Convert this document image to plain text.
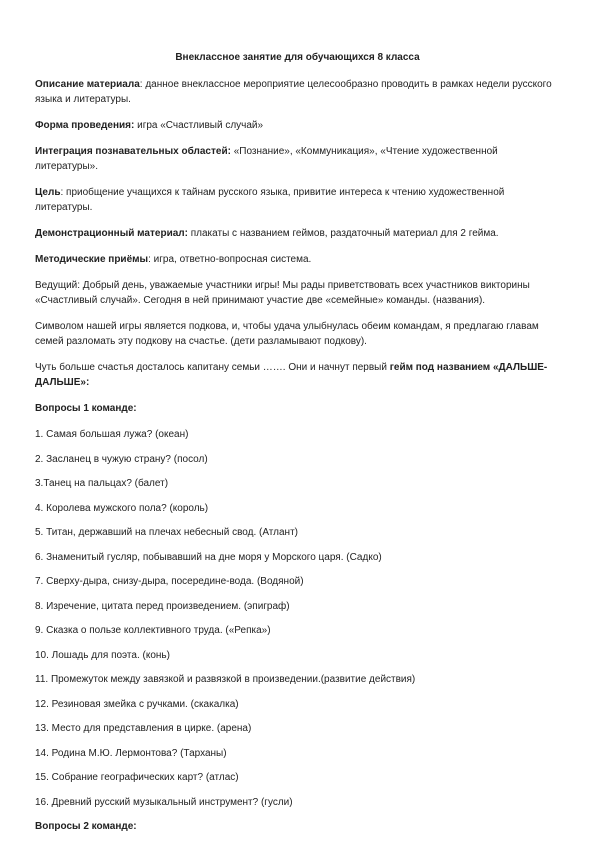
Внеклассное занятие для обучающихся 8 класса

Описание материала: данное внеклассное мероприятие целесообразно проводить в рамках недели русского языка и литературы.

Форма проведения: игра «Счастливый случай»

Интеграция познавательных областей: «Познание», «Коммуникация», «Чтение художественной литературы».

Цель: приобщение учащихся к тайнам русского языка, привитие интереса к чтению художественной литературы.

Демонстрационный материал: плакаты с названием геймов, раздаточный материал для 2 гейма.

Методические приёмы: игра, ответно-вопросная система.

Ведущий: Добрый день, уважаемые участники игры! Мы рады приветствовать всех участников викторины «Счастливый случай». Сегодня в ней принимают участие две «семейные» команды. (названия).

Символом нашей игры является подкова, и, чтобы удача улыбнулась обеим командам, я предлагаю главам семей разломать эту подкову на счастье. (дети разламывают подкову).

Чуть больше счастья досталось капитану семьи ……. Они и начнут первый гейм под названием «ДАЛЬШЕ-ДАЛЬШЕ»:

Вопросы 1 команде:

1. Самая большая лужа? (океан)

2. Засланец в чужую страну? (посол)

3.Танец на пальцах? (балет)

4. Королева мужского пола? (король)

5. Титан, державший на плечах небесный свод. (Атлант)

6. Знаменитый гусляр, побывавший на дне моря у Морского царя. (Садко)

7. Сверху-дыра, снизу-дыра, посередине-вода. (Водяной)

8. Изречение, цитата перед произведением. (эпиграф)

9. Сказка о пользе коллективного труда. («Репка»)

10. Лошадь для поэта. (конь)

11. Промежуток между завязкой и развязкой в произведении.(развитие действия)

12. Резиновая змейка с ручками. (скакалка)

13. Место для представления в цирке. (арена)

14. Родина М.Ю. Лермонтова? (Тарханы)

15. Собрание географических карт? (атлас)

16. Древний русский музыкальный инструмент? (гусли)

Вопросы 2 команде:
